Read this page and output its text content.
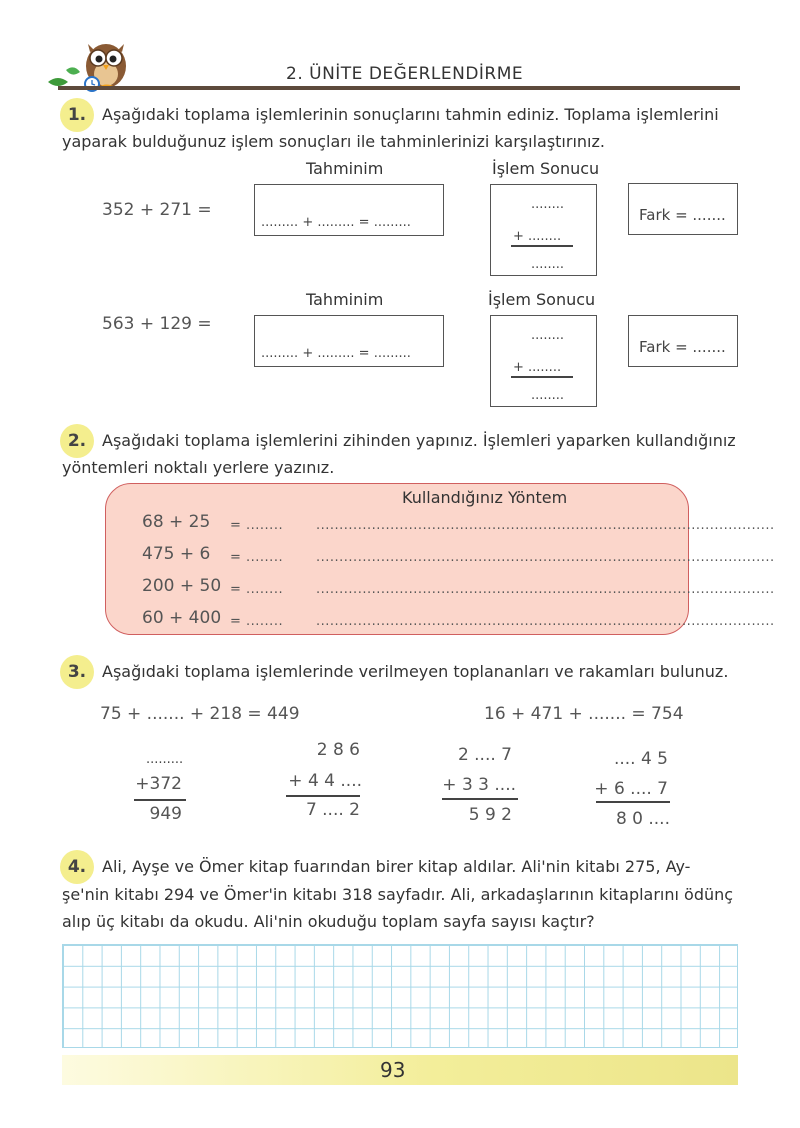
2. ÜNİTE DEĞERLENDİRME
1. Aşağıdaki toplama işlemlerinin sonuçlarını tahmin ediniz. Toplama işlemlerini
yaparak bulduğunuz işlem sonuçları ile tahminlerinizi karşılaştırınız.
Tahminim	İşlem Sonucu
352 + 271 =
......... + ......... = .........
........
+ ........
........
Fark = .......
Tahminim	İşlem Sonucu
563 + 129 =
......... + ......... = .........
........
+ ........
........
Fark = .......
2. Aşağıdaki toplama işlemlerini zihinden yapınız. İşlemleri yaparken kullandığınız
yöntemleri noktalı yerlere yazınız.
Kullandığınız Yöntem
68 + 25 = ........	...................................................................................................
475 + 6 = ........	...................................................................................................
200 + 50 = ........	...................................................................................................
60 + 400 = ........	...................................................................................................
3. Aşağıdaki toplama işlemlerinde verilmeyen toplananları ve rakamları bulunuz.
75 + ....... + 218 = 449	16 + 471 + ....... = 754
.........
+372
949
2 8 6
+ 4 4 ....
7 .... 2
2 .... 7
+ 3 3 ....
5 9 2
.... 4 5
+ 6 .... 7
8 0 ....
4. Ali, Ayşe ve Ömer kitap fuarından birer kitap aldılar. Ali'nin kitabı 275, Ay-
şe'nin kitabı 294 ve Ömer'in kitabı 318 sayfadır. Ali, arkadaşlarının kitaplarını ödünç
alıp üç kitabı da okudu. Ali'nin okuduğu toplam sayfa sayısı kaçtır?
93
